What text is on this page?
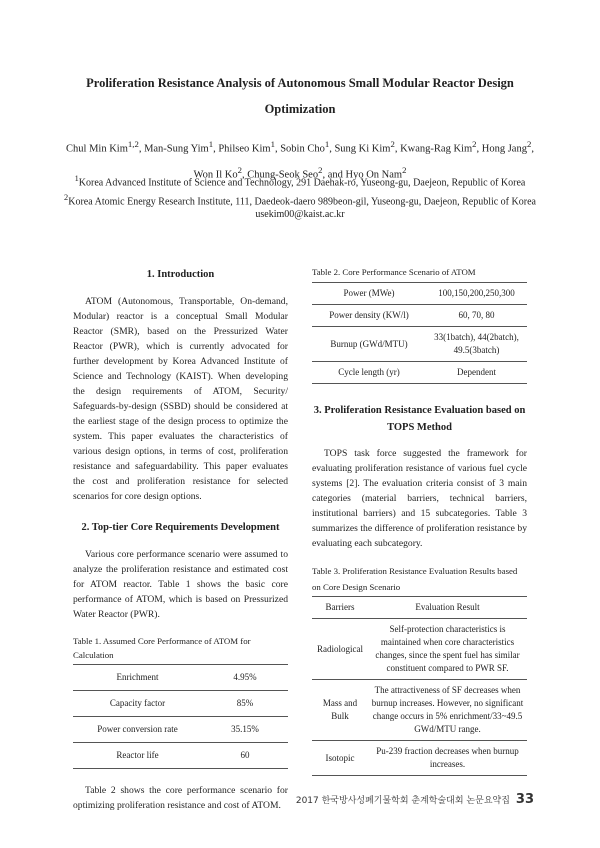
Proliferation Resistance Analysis of Autonomous Small Modular Reactor Design
Optimization
Chul Min Kim$^{1,2}$, Man-Sung Yim$^1$, Philseo Kim$^1$, Sobin Cho$^1$, Sung Ki Kim$^2$, Kwang-Rag Kim$^2$, Hong Jang$^2$,
Won Il Ko$^2$, Chung-Seok Seo$^2$, and Hyo On Nam$^2$
$^1$Korea Advanced Institute of Science and Technology, 291 Daehak-ro, Yuseong-gu, Daejeon, Republic of Korea
$^2$Korea Atomic Energy Research Institute, 111, Daedeok-daero 989beon-gil, Yuseong-gu, Daejeon, Republic of Korea
usekim00@kaist.ac.kr
1. Introduction

ATOM (Autonomous, Transportable, On-demand, Modular) reactor is a conceptual Small Modular Reactor (SMR), based on the Pressurized Water Reactor (PWR), which is currently advocated for further development by Korea Advanced Institute of Science and Technology (KAIST). When developing the design requirements of ATOM, Security/ Safeguards-by-design (SSBD) should be considered at the earliest stage of the design process to optimize the system. This paper evaluates the characteristics of various design options, in terms of cost, proliferation resistance and safeguardability. This paper evaluates the cost and proliferation resistance for selected scenarios for core design options.

2. Top-tier Core Requirements Development

Various core performance scenario were assumed to analyze the proliferation resistance and estimated cost for ATOM reactor. Table 1 shows the basic core performance of ATOM, which is based on Pressurized Water Reactor (PWR).

Table 1. Assumed Core Performance of ATOM for Calculation

Enrichment	4.95%
Capacity factor	85%
Power conversion rate	35.15%
Reactor life	60

Table 2 shows the core performance scenario for optimizing proliferation resistance and cost of ATOM.

Table 2. Core Performance Scenario of ATOM

Power (MWe)	100,150,200,250,300
Power density (KW/l)	60, 70, 80
Burnup (GWd/MTU)	33(1batch), 44(2batch), 49.5(3batch)
Cycle length (yr)	Dependent
3. Proliferation Resistance Evaluation based on TOPS Method

TOPS task force suggested the framework for evaluating proliferation resistance of various fuel cycle systems [2]. The evaluation criteria consist of 3 main categories (material barriers, technical barriers, institutional barriers) and 15 subcategories. Table 3 summarizes the difference of proliferation resistance by evaluating each subcategory.

Table 3. Proliferation Resistance Evaluation Results based on Core Design Scenario

Barriers	Evaluation Result
Radiological	Self-protection characteristics is maintained when core characteristics changes, since the spent fuel has similar constituent compared to PWR SF.
Mass and Bulk	The attractiveness of SF decreases when burnup increases. However, no significant change occurs in 5% enrichment/33~49.5 GWd/MTU range.
Isotopic	Pu-239 fraction decreases when burnup increases.
2017 한국방사성폐기물학회 춘계학술대회 논문요약집 33
